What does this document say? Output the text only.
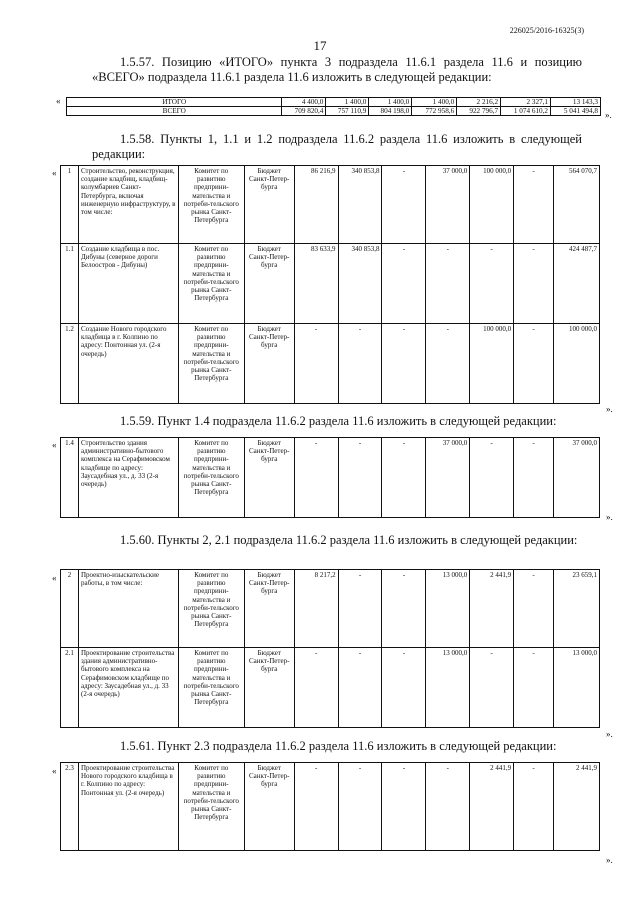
226025/2016-16325(3)
17
1.5.57. Позицию «ИТОГО» пункта 3 подраздела 11.6.1 раздела 11.6 и позицию «ВСЕГО» подраздела 11.6.1 раздела 11.6 изложить в следующей редакции:
«	ИТОГО	4 400,0	1 400,0	1 400,0	1 400,0	2 216,2	2 327,1	13 143,3
ВСЕГО	709 820,4	757 110,9	804 198,0	772 958,6	922 796,7	1 074 610,2	5 041 494,8 ».
1.5.58. Пункты 1, 1.1 и 1.2 подраздела 11.6.2 раздела 11.6 изложить в следующей редакции:
« 1	Строительство, реконструкция, создание кладбищ, кладбищ-колумбариев Санкт-Петербурга, включая инженерную инфраструктуру, в том числе:	Комитет по развитию предприни-мательства и потреби-тельского рынка Санкт-Петербурга	Бюджет Санкт-Петер-бурга	86 216,9	340 853,8	-	37 000,0	100 000,0	-	564 070,7
1.1	Создание кладбища в пос. Дибуны (северное дороги Белоостров - Дибуны)	Комитет по развитию предприни-мательства и потреби-тельского рынка Санкт-Петербурга	Бюджет Санкт-Петер-бурга	83 633,9	340 853,8	-	-	-	-	424 487,7
1.2	Создание Нового городского кладбища в г. Колпино по адресу: Понтонная ул. (2-я очередь)	Комитет по развитию предприни-мательства и потреби-тельского рынка Санкт-Петербурга	Бюджет Санкт-Петер-бурга	-	-	-	-	100 000,0	-	100 000,0
».
1.5.59. Пункт 1.4 подраздела 11.6.2 раздела 11.6 изложить в следующей редакции:
« 1.4	Строительство здания административно-бытового комплекса на Серафимовском кладбище по адресу: Заусадебная ул., д. 33 (2-я очередь)	Комитет по развитию предприни-мательства и потреби-тельского рынка Санкт-Петербурга	Бюджет Санкт-Петер-бурга	-	-	-	37 000,0	-	-	37 000,0
».
1.5.60. Пункты 2, 2.1 подраздела 11.6.2 раздела 11.6 изложить в следующей редакции:
« 2	Проектно-изыскательские работы, в том числе:	Комитет по развитию предприни-мательства и потреби-тельского рынка Санкт-Петербурга	Бюджет Санкт-Петер-бурга	8 217,2	-	-	13 000,0	2 441,9	-	23 659,1
2.1	Проектирование строительства здания административно-бытового комплекса на Серафимовском кладбище по адресу: Заусадебная ул., д. 33 (2-я очередь)	Комитет по развитию предприни-мательства и потреби-тельского рынка Санкт-Петербурга	Бюджет Санкт-Петер-бурга	-	-	-	13 000,0	-	-	13 000,0
».
1.5.61. Пункт 2.3 подраздела 11.6.2 раздела 11.6 изложить в следующей редакции:
« 2.3	Проектирование строительства Нового городского кладбища в г. Колпино по адресу: Понтонная ул. (2-я очередь)	Комитет по развитию предприни-мательства и потреби-тельского рынка Санкт-Петербурга	Бюджет Санкт-Петер-бурга	-	-	-	-	2 441,9	-	2 441,9
».
